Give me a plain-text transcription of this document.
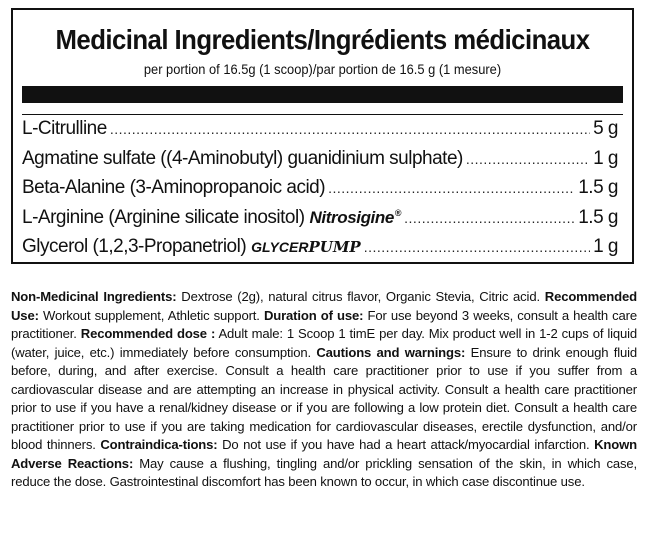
Medicinal Ingredients/Ingrédients médicinaux
per portion of 16.5g (1 scoop)/par portion de 16.5 g (1 mesure)
L-Citrulline .....	5 g
Agmatine sulfate ((4-Aminobutyl) guanidinium sulphate) .....	1 g
Beta-Alanine (3-Aminopropanoic acid) .....	1.5 g
L-Arginine (Arginine silicate inositol) Nitrosigine® .....	1.5 g
Glycerol (1,2,3-Propanetriol) GLYCERPUMP .....	1 g
Non-Medicinal Ingredients: Dextrose (2g), natural citrus flavor, Organic Stevia, Citric acid. Recommended Use: Workout supplement, Athletic support. Duration of use: For use beyond 3 weeks, consult a health care practitioner. Recommended dose : Adult male: 1 Scoop 1 timE per day. Mix product well in 1-2 cups of liquid (water, juice, etc.) immediately before consumption. Cautions and warnings: Ensure to drink enough fluid before, during, and after exercise. Consult a health care practitioner prior to use if you suffer from a cardiovascular disease and are attempting an increase in physical activity. Consult a health care practitioner prior to use if you have a renal/kidney disease or if you are following a low protein diet. Consult a health care practitioner prior to use if you are taking medication for cardiovascular diseases, erectile dysfunction, and/or blood thinners. Contraindica-tions: Do not use if you have had a heart attack/myocardial infarction. Known Adverse Reactions: May cause a flushing, tingling and/or prickling sensation of the skin, in which case, reduce the dose. Gastrointestinal discomfort has been known to occur, in which case discontinue use.
